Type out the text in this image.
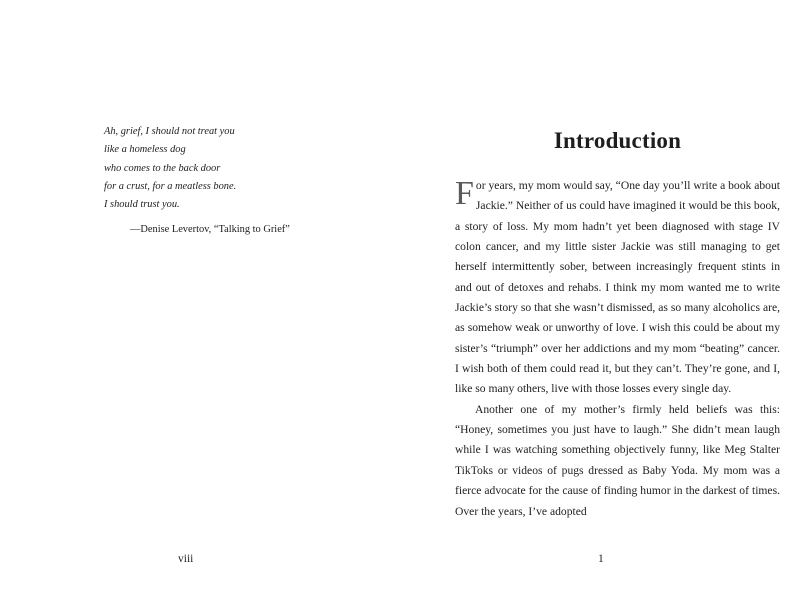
Ah, grief, I should not treat you
like a homeless dog
who comes to the back door
for a crust, for a meatless bone.
I should trust you.
—Denise Levertov, “Talking to Grief”
viii
Introduction

For years, my mom would say, “One day you’ll write a book about Jackie.” Neither of us could have imagined it would be this book, a story of loss. My mom hadn’t yet been diagnosed with stage IV colon cancer, and my little sister Jackie was still managing to get herself intermittently sober, between increasingly frequent stints in and out of detoxes and rehabs. I think my mom wanted me to write Jackie’s story so that she wasn’t dismissed, as so many alcoholics are, as somehow weak or unworthy of love. I wish this could be about my sister’s “triumph” over her addictions and my mom “beating” cancer. I wish both of them could read it, but they can’t. They’re gone, and I, like so many others, live with those losses every single day.

Another one of my mother’s firmly held beliefs was this: “Honey, sometimes you just have to laugh.” She didn’t mean laugh while I was watching something objectively funny, like Meg Stalter TikToks or videos of pugs dressed as Baby Yoda. My mom was a fierce advocate for the cause of finding humor in the darkest of times. Over the years, I’ve adopted

1
